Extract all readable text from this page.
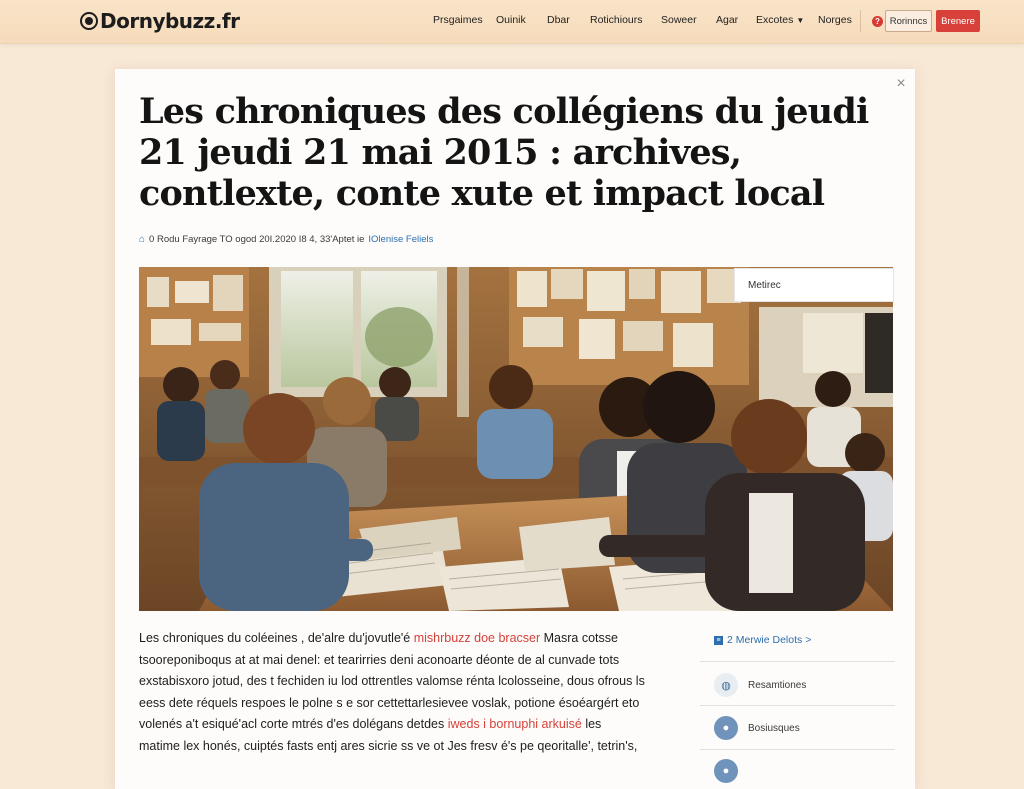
Dornybuzz.fr	Prsgaimes Ouinik Dbar Rotichiours Soweer Agar Excotes ▼ Norges	?	Rorinncs	Brenere
×
Les chroniques des collégiens du jeudi 21 jeudi 21 mai 2015 : archives, contlexte, conte xute et impact local
⌂ 0 Rodu Fayrage TO ogod 20I.2020 I8 4, 33'Aptet ie IOlenise Feliels
Metirec
Les chroniques du coléeines , de'alre du'jovutle'é mishrbuzz doe bracser Masra cotsse
tsooreponiboqus at at mai denel: et tearirries deni aconoarte déonte de al cunvade tots
exstabisxoro jotud, des t fechiden iu lod ottrentles valomse rénta lcolosseine, dous ofrous ls
eess dete réquels respoes le polne s e sor cettettarlesievee voslak, potione ésoéargért eto
volenés a't esiqué'acl corte mtrés d'es dolégans detdes iweds i bornuphi arkuisé les
matime lex honés, cuiptés fasts entj ares sicrie ss ve ot Jes fresv é's pe qeoritalle', tetrin's,
≡ 2 Merwie Delots >
◍	Resamtiones
●	Bosiusques
●
